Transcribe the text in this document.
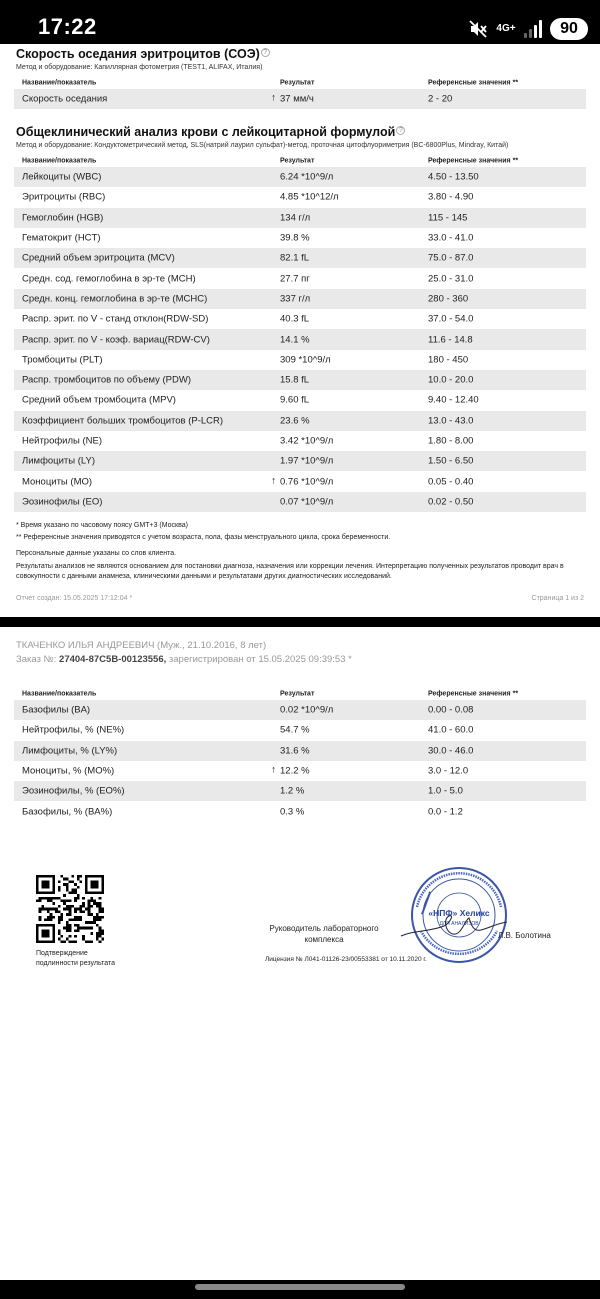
17:22	4G+	90
Скорость оседания эритроцитов (СОЭ) ?
Метод и оборудование: Капиллярная фотометрия (TEST1, ALIFAX, Италия)
Название/показатель	Результат	Референсные значения **
Скорость оседания	↑ 37 мм/ч	2 - 20
Общеклинический анализ крови с лейкоцитарной формулой ?
Метод и оборудование: Кондуктометрический метод, SLS(натрий лаурил сульфат)-метод, проточная цитофлуориметрия (BC-6800Plus, Mindray, Китай)
Название/показатель	Результат	Референсные значения **
Лейкоциты (WBC)	6.24 *10^9/л	4.50 - 13.50
Эритроциты (RBC)	4.85 *10^12/л	3.80 - 4.90
Гемоглобин (HGB)	134 г/л	115 - 145
Гематокрит (HCT)	39.8 %	33.0 - 41.0
Средний объем эритроцита (MCV)	82.1 fL	75.0 - 87.0
Средн. сод. гемоглобина в эр-те (MCH)	27.7 пг	25.0 - 31.0
Средн. конц. гемоглобина в эр-те (MCHC)	337 г/л	280 - 360
Распр. эрит. по V - станд отклон(RDW-SD)	40.3 fL	37.0 - 54.0
Распр. эрит. по V - коэф. вариац(RDW-CV)	14.1 %	11.6 - 14.8
Тромбоциты (PLT)	309 *10^9/л	180 - 450
Распр. тромбоцитов по объему (PDW)	15.8 fL	10.0 - 20.0
Средний объем тромбоцита (MPV)	9.60 fL	9.40 - 12.40
Коэффициент больших тромбоцитов (P-LCR)	23.6 %	13.0 - 43.0
Нейтрофилы (NE)	3.42 *10^9/л	1.80 - 8.00
Лимфоциты (LY)	1.97 *10^9/л	1.50 - 6.50
Моноциты (MO)	↑ 0.76 *10^9/л	0.05 - 0.40
Эозинофилы (EO)	0.07 *10^9/л	0.02 - 0.50
* Время указано по часовому поясу GMT+3 (Москва)
** Референсные значения приводятся с учетом возраста, пола, фазы менструального цикла, срока беременности.
Персональные данные указаны со слов клиента.
Результаты анализов не являются основанием для постановки диагноза, назначения или коррекции лечения. Интерпретацию полученных результатов проводит врач в совокупности с данными анамнеза, клиническими данными и результатами других диагностических исследований.
Отчет создан: 15.05.2025 17:12:04 *	Страница 1 из 2
ТКАЧЕНКО ИЛЬЯ АНДРЕЕВИЧ (Муж., 21.10.2016, 8 лет)
Заказ №: 27404-87C5B-00123556, зарегистрирован от 15.05.2025 09:39:53 *
Название/показатель	Результат	Референсные значения **
Базофилы (BA)	0.02 *10^9/л	0.00 - 0.08
Нейтрофилы, % (NE%)	54.7 %	41.0 - 60.0
Лимфоциты, % (LY%)	31.6 %	30.0 - 46.0
Моноциты, % (MO%)	↑ 12.2 %	3.0 - 12.0
Эозинофилы, % (EO%)	1.2 %	1.0 - 5.0
Базофилы, % (BA%)	0.3 %	0.0 - 1.2
Подтверждение
подлинности результата
Руководитель лабораторного
комплекса
«НПФ» Хеликс
ДЛЯ АНАЛИЗОВ
Л.В. Болотина
Лицензия № Л041-01126-23/00553381 от 10.11.2020 г.
